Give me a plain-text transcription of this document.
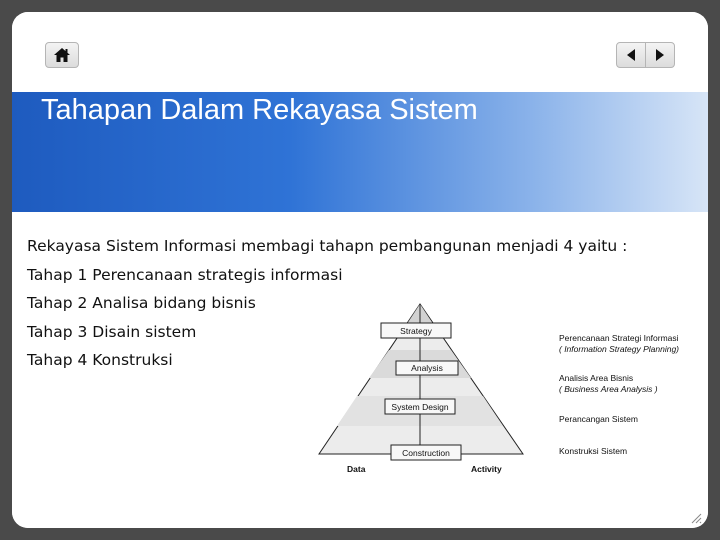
Tahapan Dalam Rekayasa Sistem
Rekayasa Sistem Informasi membagi tahapn pembangunan menjadi 4 yaitu :
Tahap 1 Perencanaan strategis informasi
Tahap 2 Analisa bidang bisnis
Tahap 3 Disain sistem
Tahap 4 Konstruksi
Strategy
Analysis
System Design
Construction
Data	Activity
Perencanaan Strategi Informasi
( Information Strategy Planning)
Analisis Area Bisnis
( Business Area Analysis )
Perancangan Sistem
Konstruksi Sistem
